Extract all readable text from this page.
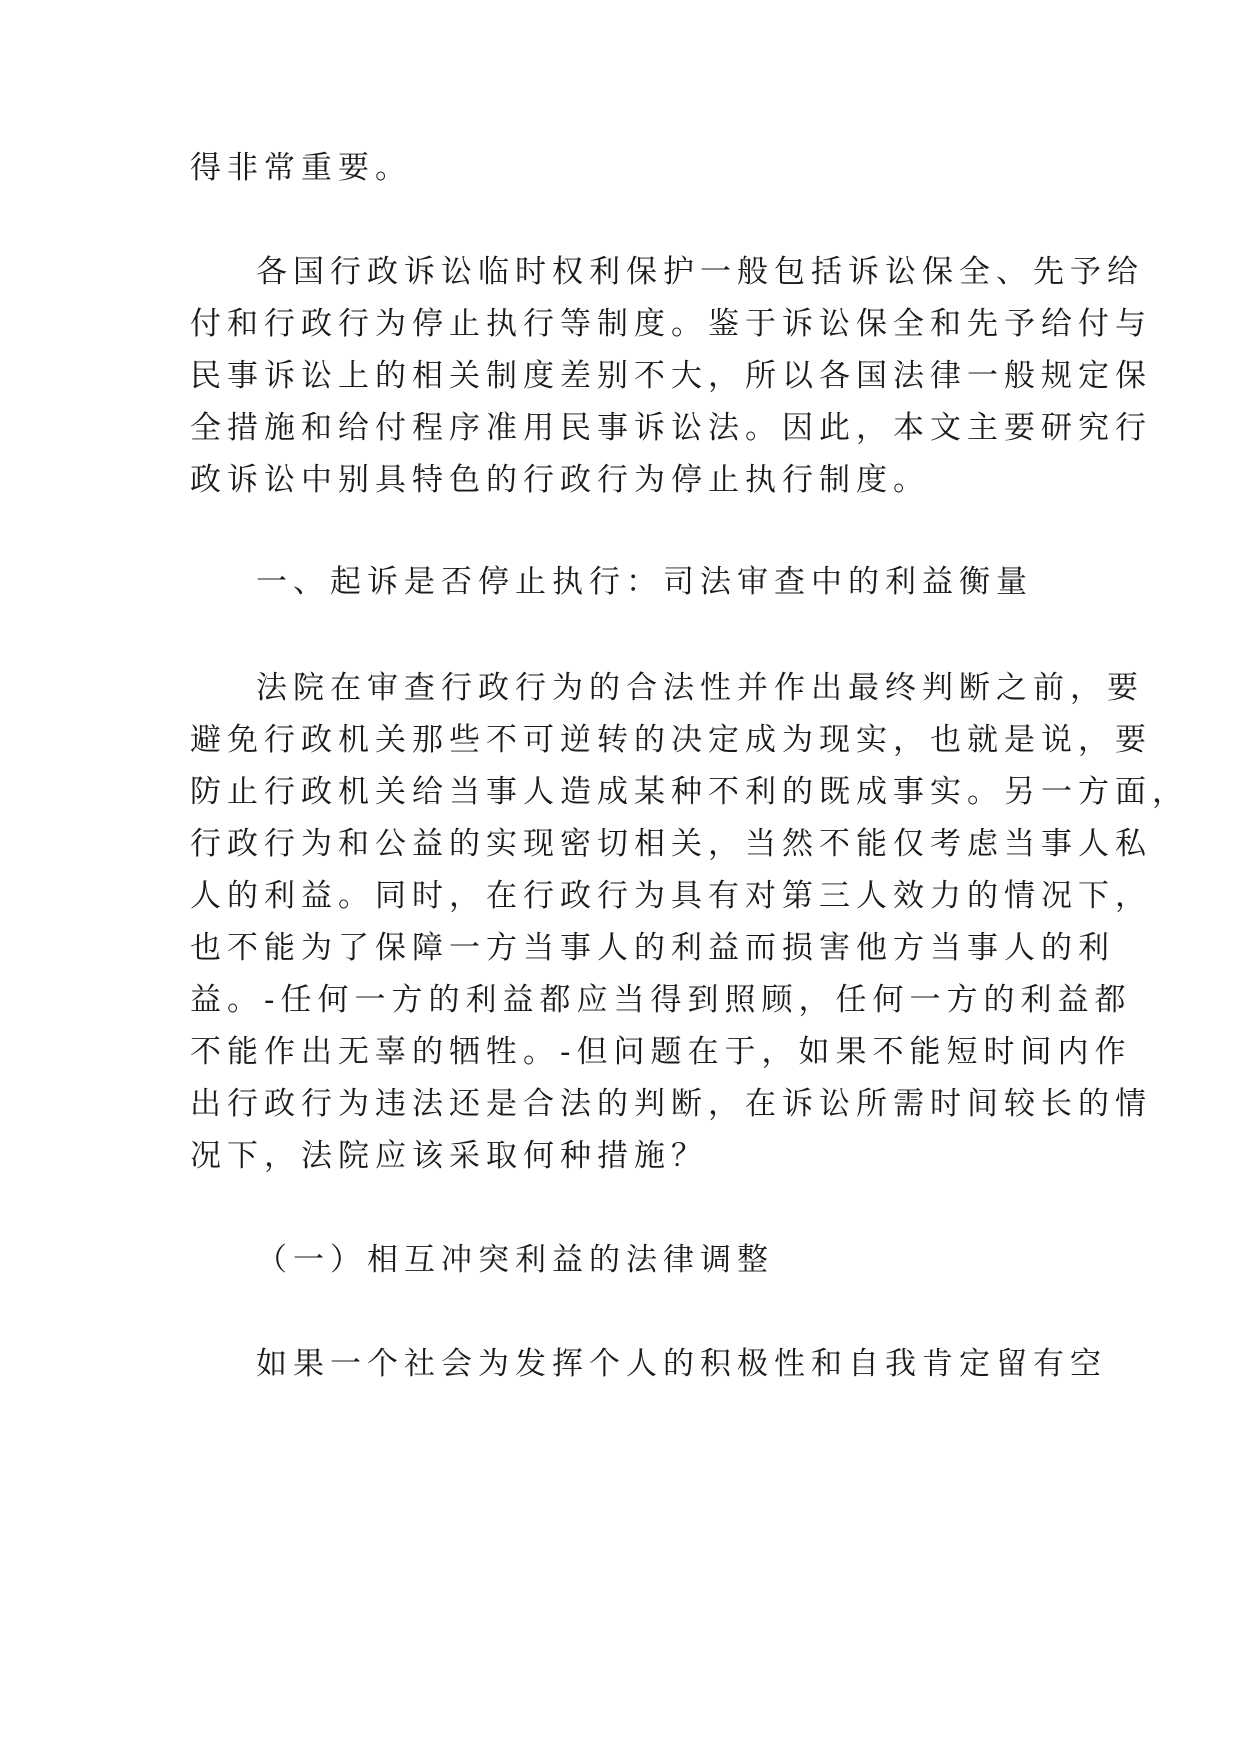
得非常重要。
各国行政诉讼临时权利保护一般包括诉讼保全、先予给
付和行政行为停止执行等制度。鉴于诉讼保全和先予给付与
民事诉讼上的相关制度差别不大，所以各国法律一般规定保
全措施和给付程序准用民事诉讼法。因此，本文主要研究行
政诉讼中别具特色的行政行为停止执行制度。
一、起诉是否停止执行：司法审查中的利益衡量
法院在审查行政行为的合法性并作出最终判断之前，要
避免行政机关那些不可逆转的决定成为现实，也就是说，要
防止行政机关给当事人造成某种不利的既成事实。另一方面，
行政行为和公益的实现密切相关，当然不能仅考虑当事人私
人的利益。同时，在行政行为具有对第三人效力的情况下，
也不能为了保障一方当事人的利益而损害他方当事人的利
益。-任何一方的利益都应当得到照顾，任何一方的利益都
不能作出无辜的牺牲。-但问题在于，如果不能短时间内作
出行政行为违法还是合法的判断，在诉讼所需时间较长的情
况下，法院应该采取何种措施？
（一）相互冲突利益的法律调整
如果一个社会为发挥个人的积极性和自我肯定留有空
